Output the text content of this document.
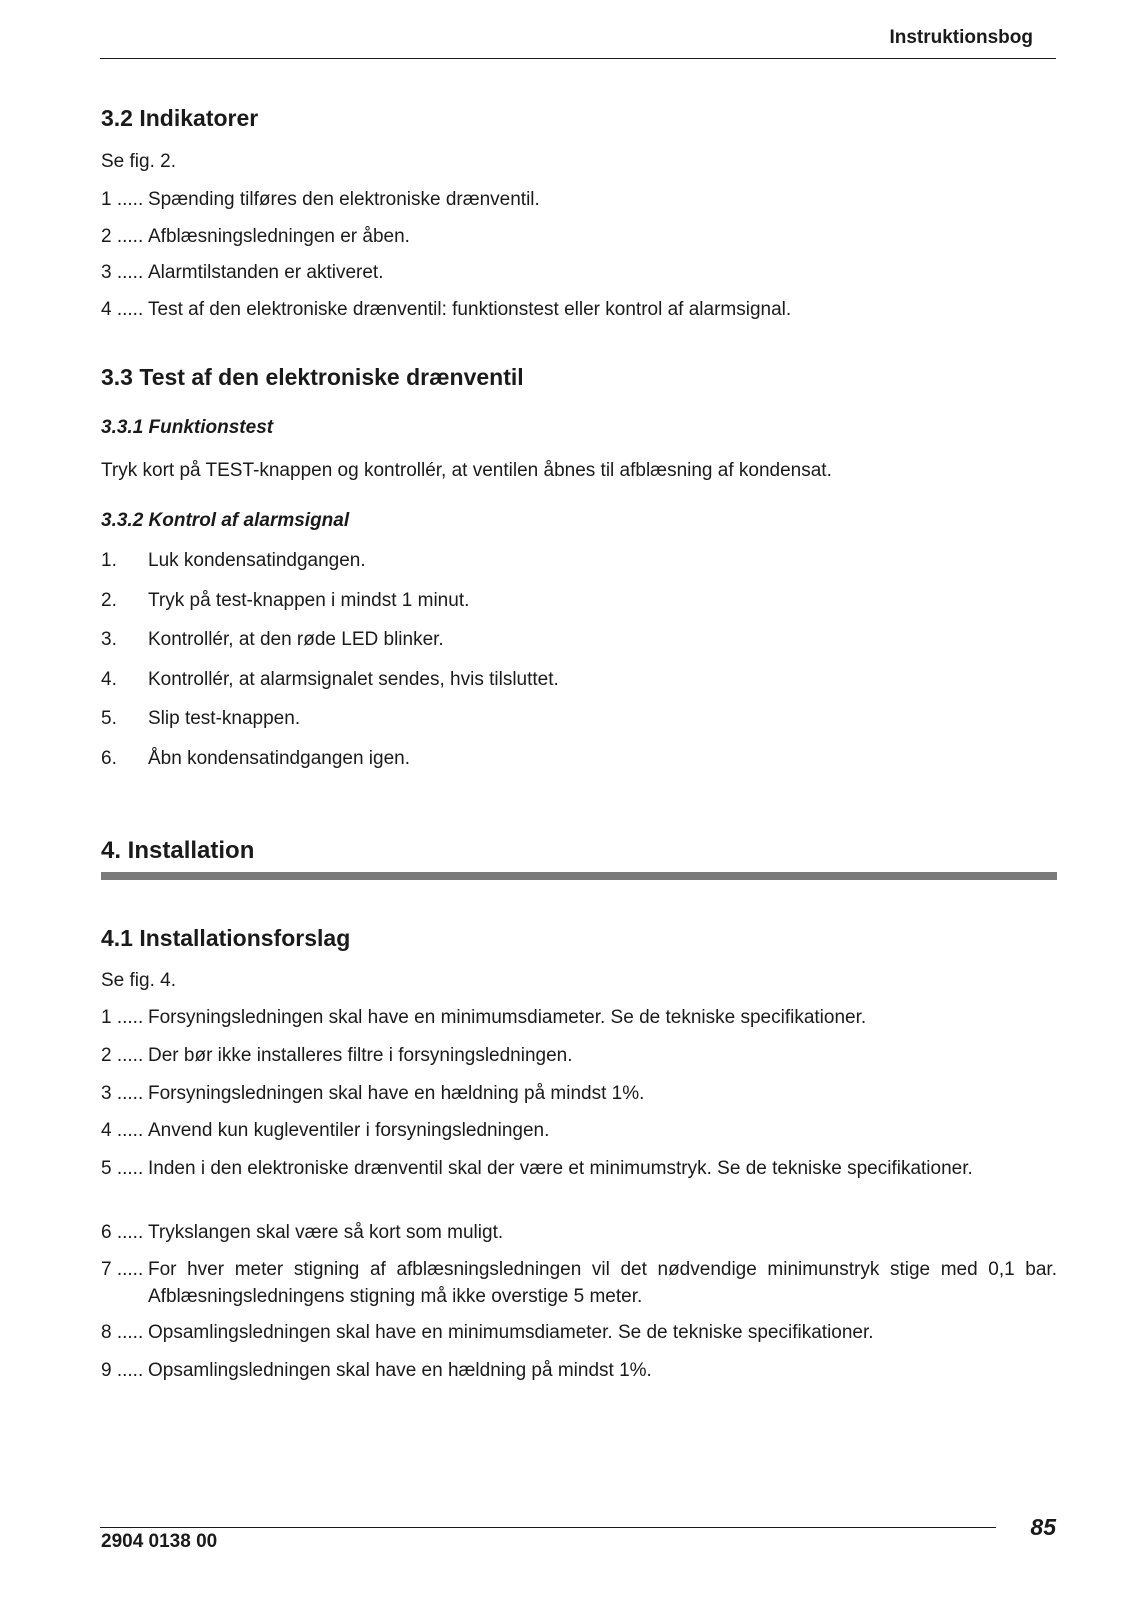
Instruktionsbog
3.2 Indikatorer

Se fig. 2.

1 ..... Spænding tilføres den elektroniske drænventil.
2 ..... Afblæsningsledningen er åben.
3 ..... Alarmtilstanden er aktiveret.
4 ..... Test af den elektroniske drænventil: funktionstest eller kontrol af alarmsignal.
3.3 Test af den elektroniske drænventil
3.3.1 Funktionstest

Tryk kort på TEST-knappen og kontrollér, at ventilen åbnes til afblæsning af kondensat.

3.3.2 Kontrol af alarmsignal
1.	Luk kondensatindgangen.
2.	Tryk på test-knappen i mindst 1 minut.
3.	Kontrollér, at den røde LED blinker.
4.	Kontrollér, at alarmsignalet sendes, hvis tilsluttet.
5.	Slip test-knappen.
6.	Åbn kondensatindgangen igen.
4. Installation
4.1 Installationsforslag

Se fig. 4.

1 ..... Forsyningsledningen skal have en minimumsdiameter. Se de tekniske specifikationer.
2 ..... Der bør ikke installeres filtre i forsyningsledningen.
3 ..... Forsyningsledningen skal have en hældning på mindst 1%.
4 ..... Anvend kun kugleventiler i forsyningsledningen.
5 ..... Inden i den elektroniske drænventil skal der være et minimumstryk. Se de tekniske specifikationer.
6 ..... Trykslangen skal være så kort som muligt.
7 ..... For hver meter stigning af afblæsningsledningen vil det nødvendige minimunstryk stige med 0,1 bar. Afblæsningsledningens stigning må ikke overstige 5 meter.
8 ..... Opsamlingsledningen skal have en minimumsdiameter. Se de tekniske specifikationer.
9 ..... Opsamlingsledningen skal have en hældning på mindst 1%.
2904 0138 00
85
